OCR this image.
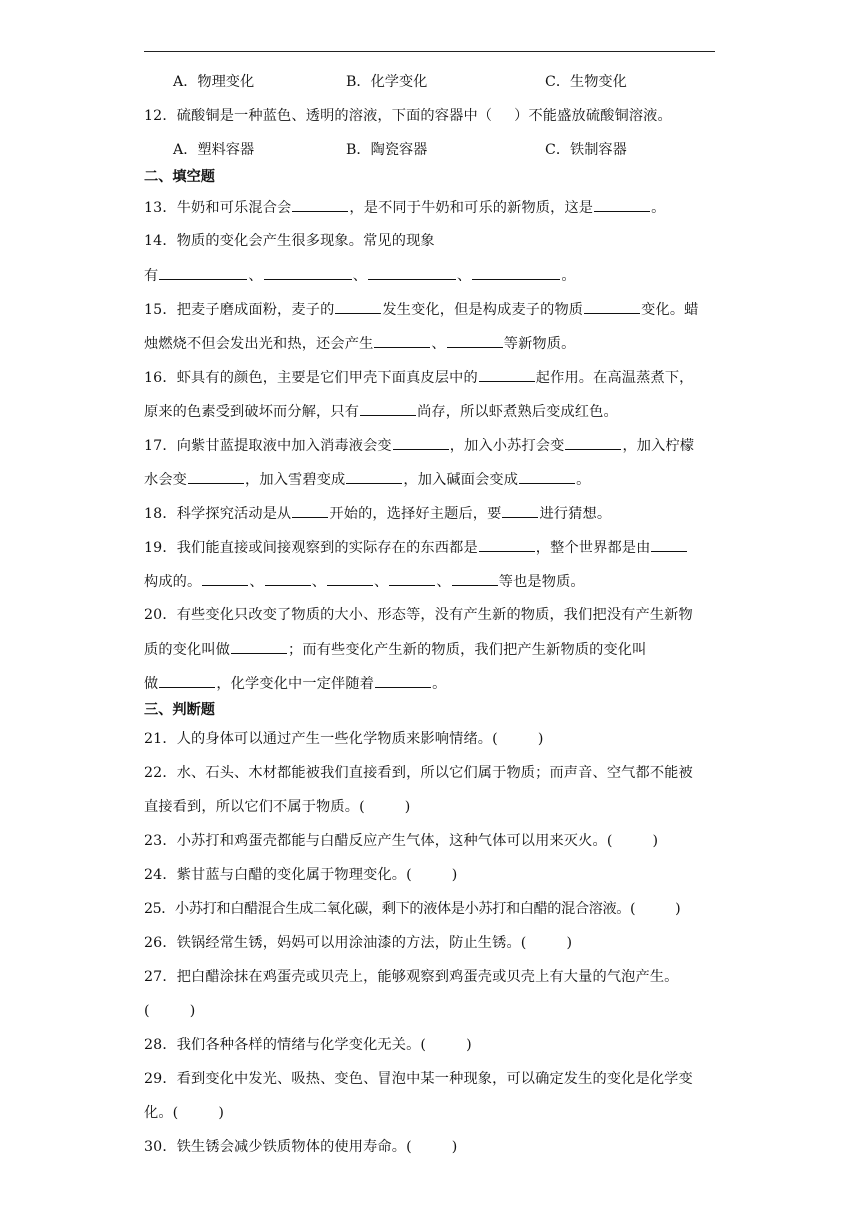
A．物理变化	B．化学变化	C．生物变化
12．硫酸铜是一种蓝色、透明的溶液，下面的容器中（ ）不能盛放硫酸铜溶液。
A．塑料容器	B．陶瓷容器	C．铁制容器
二、填空题
13．牛奶和可乐混合会	，是不同于牛奶和可乐的新物质，这是	。
14．物质的变化会产生很多现象。常见的现象
有	、	、	、	。
15．把麦子磨成面粉，麦子的	发生变化，但是构成麦子的物质	变化。蜡
烛燃烧不但会发出光和热，还会产生	、	等新物质。
16．虾具有的颜色，主要是它们甲壳下面真皮层中的	起作用。在高温蒸煮下，
原来的色素受到破坏而分解，只有	尚存，所以虾煮熟后变成红色。
17．向紫甘蓝提取液中加入消毒液会变	，加入小苏打会变	，加入柠檬
水会变	，加入雪碧变成	，加入碱面会变成	。
18．科学探究活动是从	开始的，选择好主题后，要	进行猜想。
19．我们能直接或间接观察到的实际存在的东西都是	，整个世界都是由
构成的。	、	、	、	、	等也是物质。
20．有些变化只改变了物质的大小、形态等，没有产生新的物质，我们把没有产生新物
质的变化叫做	；而有些变化产生新的物质，我们把产生新物质的变化叫
做	，化学变化中一定伴随着	。
三、判断题
21．人的身体可以通过产生一些化学物质来影响情绪。(	)
22．水、石头、木材都能被我们直接看到，所以它们属于物质；而声音、空气都不能被
直接看到，所以它们不属于物质。(	)
23．小苏打和鸡蛋壳都能与白醋反应产生气体，这种气体可以用来灭火。(	)
24．紫甘蓝与白醋的变化属于物理变化。(	)
25．小苏打和白醋混合生成二氧化碳，剩下的液体是小苏打和白醋的混合溶液。(	)
26．铁锅经常生锈，妈妈可以用涂油漆的方法，防止生锈。(	)
27．把白醋涂抹在鸡蛋壳或贝壳上，能够观察到鸡蛋壳或贝壳上有大量的气泡产生。
(	)
28．我们各种各样的情绪与化学变化无关。(	)
29．看到变化中发光、吸热、变色、冒泡中某一种现象，可以确定发生的变化是化学变
化。(	)
30．铁生锈会减少铁质物体的使用寿命。(	)
